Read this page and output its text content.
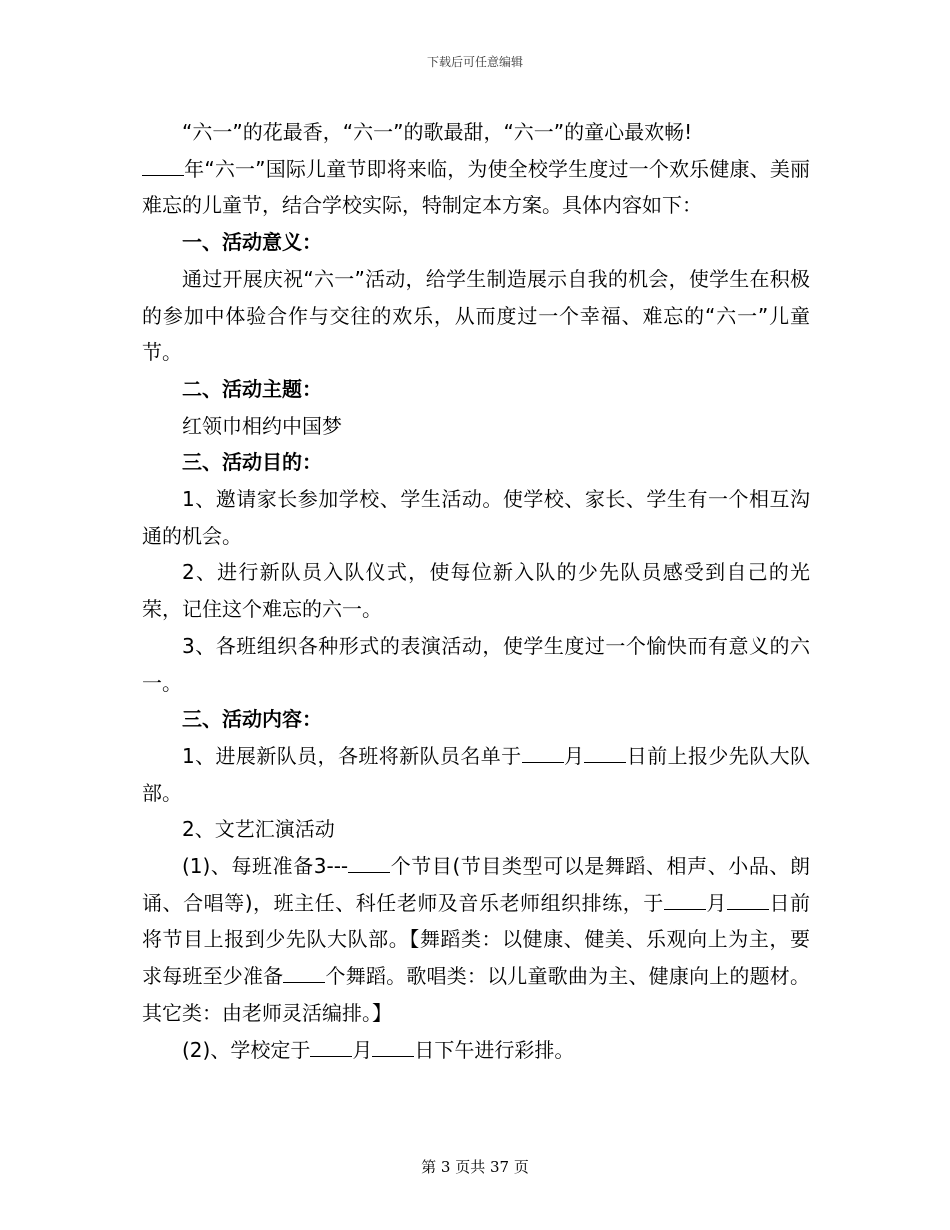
下载后可任意编辑

“六一”的花最香，“六一”的歌最甜，“六一”的童心最欢畅!

年“六一”国际儿童节即将来临，为使全校学生度过一个欢乐健康、美丽难忘的儿童节，结合学校实际，特制定本方案。具体内容如下：

一、活动意义：

通过开展庆祝“六一”活动，给学生制造展示自我的机会，使学生在积极的参加中体验合作与交往的欢乐，从而度过一个幸福、难忘的“六一”儿童节。

二、活动主题：

红领巾相约中国梦

三、活动目的：

1、邀请家长参加学校、学生活动。使学校、家长、学生有一个相互沟通的机会。

2、进行新队员入队仪式，使每位新入队的少先队员感受到自己的光荣，记住这个难忘的六一。

3、各班组织各种形式的表演活动，使学生度过一个愉快而有意义的六一。

三、活动内容：

1、进展新队员，各班将新队员名单于 月 日前上报少先队大队部。

2、文艺汇演活动

(1)、每班准备3--- 个节目(节目类型可以是舞蹈、相声、小品、朗诵、合唱等)，班主任、科任老师及音乐老师组织排练，于 月 日前将节目上报到少先队大队部。【舞蹈类：以健康、健美、乐观向上为主，要求每班至少准备 个舞蹈。歌唱类：以儿童歌曲为主、健康向上的题材。其它类：由老师灵活编排。】

(2)、学校定于 月 日下午进行彩排。

第 3 页共 37 页
